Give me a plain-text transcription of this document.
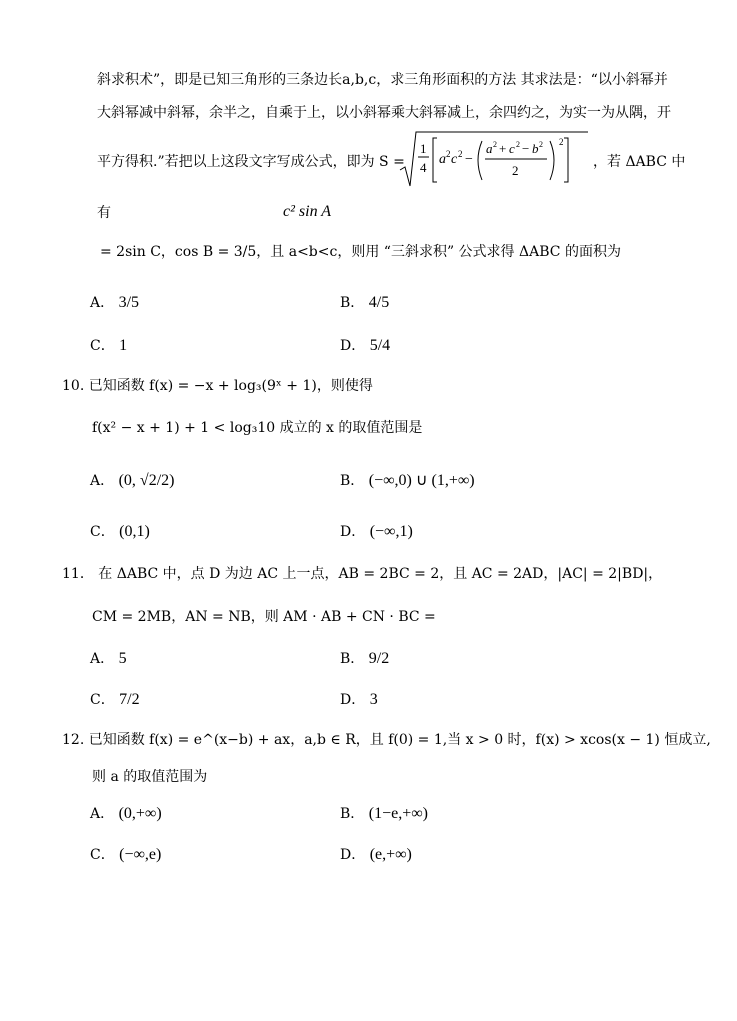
斜求积术”，即是已知三角形的三条边长a,b,c，求三角形面积的方法 其求法是：“以小斜幂并
大斜幂减中斜幂，余半之，自乘于上，以小斜幂乘大斜幂减上，余四约之，为实一为从隅，开
平方得积.”若把以上这段文字写成公式，即为 S =
1
4
a 2 c 2 −
a 2 + c 2 − b 2
2
2
，若 ΔABC 中
有	c² sin A
= 2sin C，cos B = 3/5，且 a<b<c，则用 “三斜求积” 公式求得 ΔABC 的面积为
A． 3/5	B． 4/5
C． 1	D． 5/4
10. 已知函数 f(x) = −x + log₃(9ˣ + 1)，则使得
f(x² − x + 1) + 1 < log₃10 成立的 x 的取值范围是
A． (0, √2/2)	B． (−∞,0) ∪ (1,+∞)
C． (0,1)	D． (−∞,1)
11． 在 ΔABC 中，点 D 为边 AC 上一点，AB = 2BC = 2，且 AC = 2AD，|AC| = 2|BD|，
CM = 2MB，AN = NB，则 AM · AB + CN · BC =
A． 5	B． 9/2
C． 7/2	D． 3
12. 已知函数 f(x) = e^(x−b) + ax，a,b ∈ R，且 f(0) = 1,当 x > 0 时，f(x) > xcos(x − 1) 恒成立,
则 a 的取值范围为
A． (0,+∞)	B． (1−e,+∞)
C． (−∞,e)	D． (e,+∞)
